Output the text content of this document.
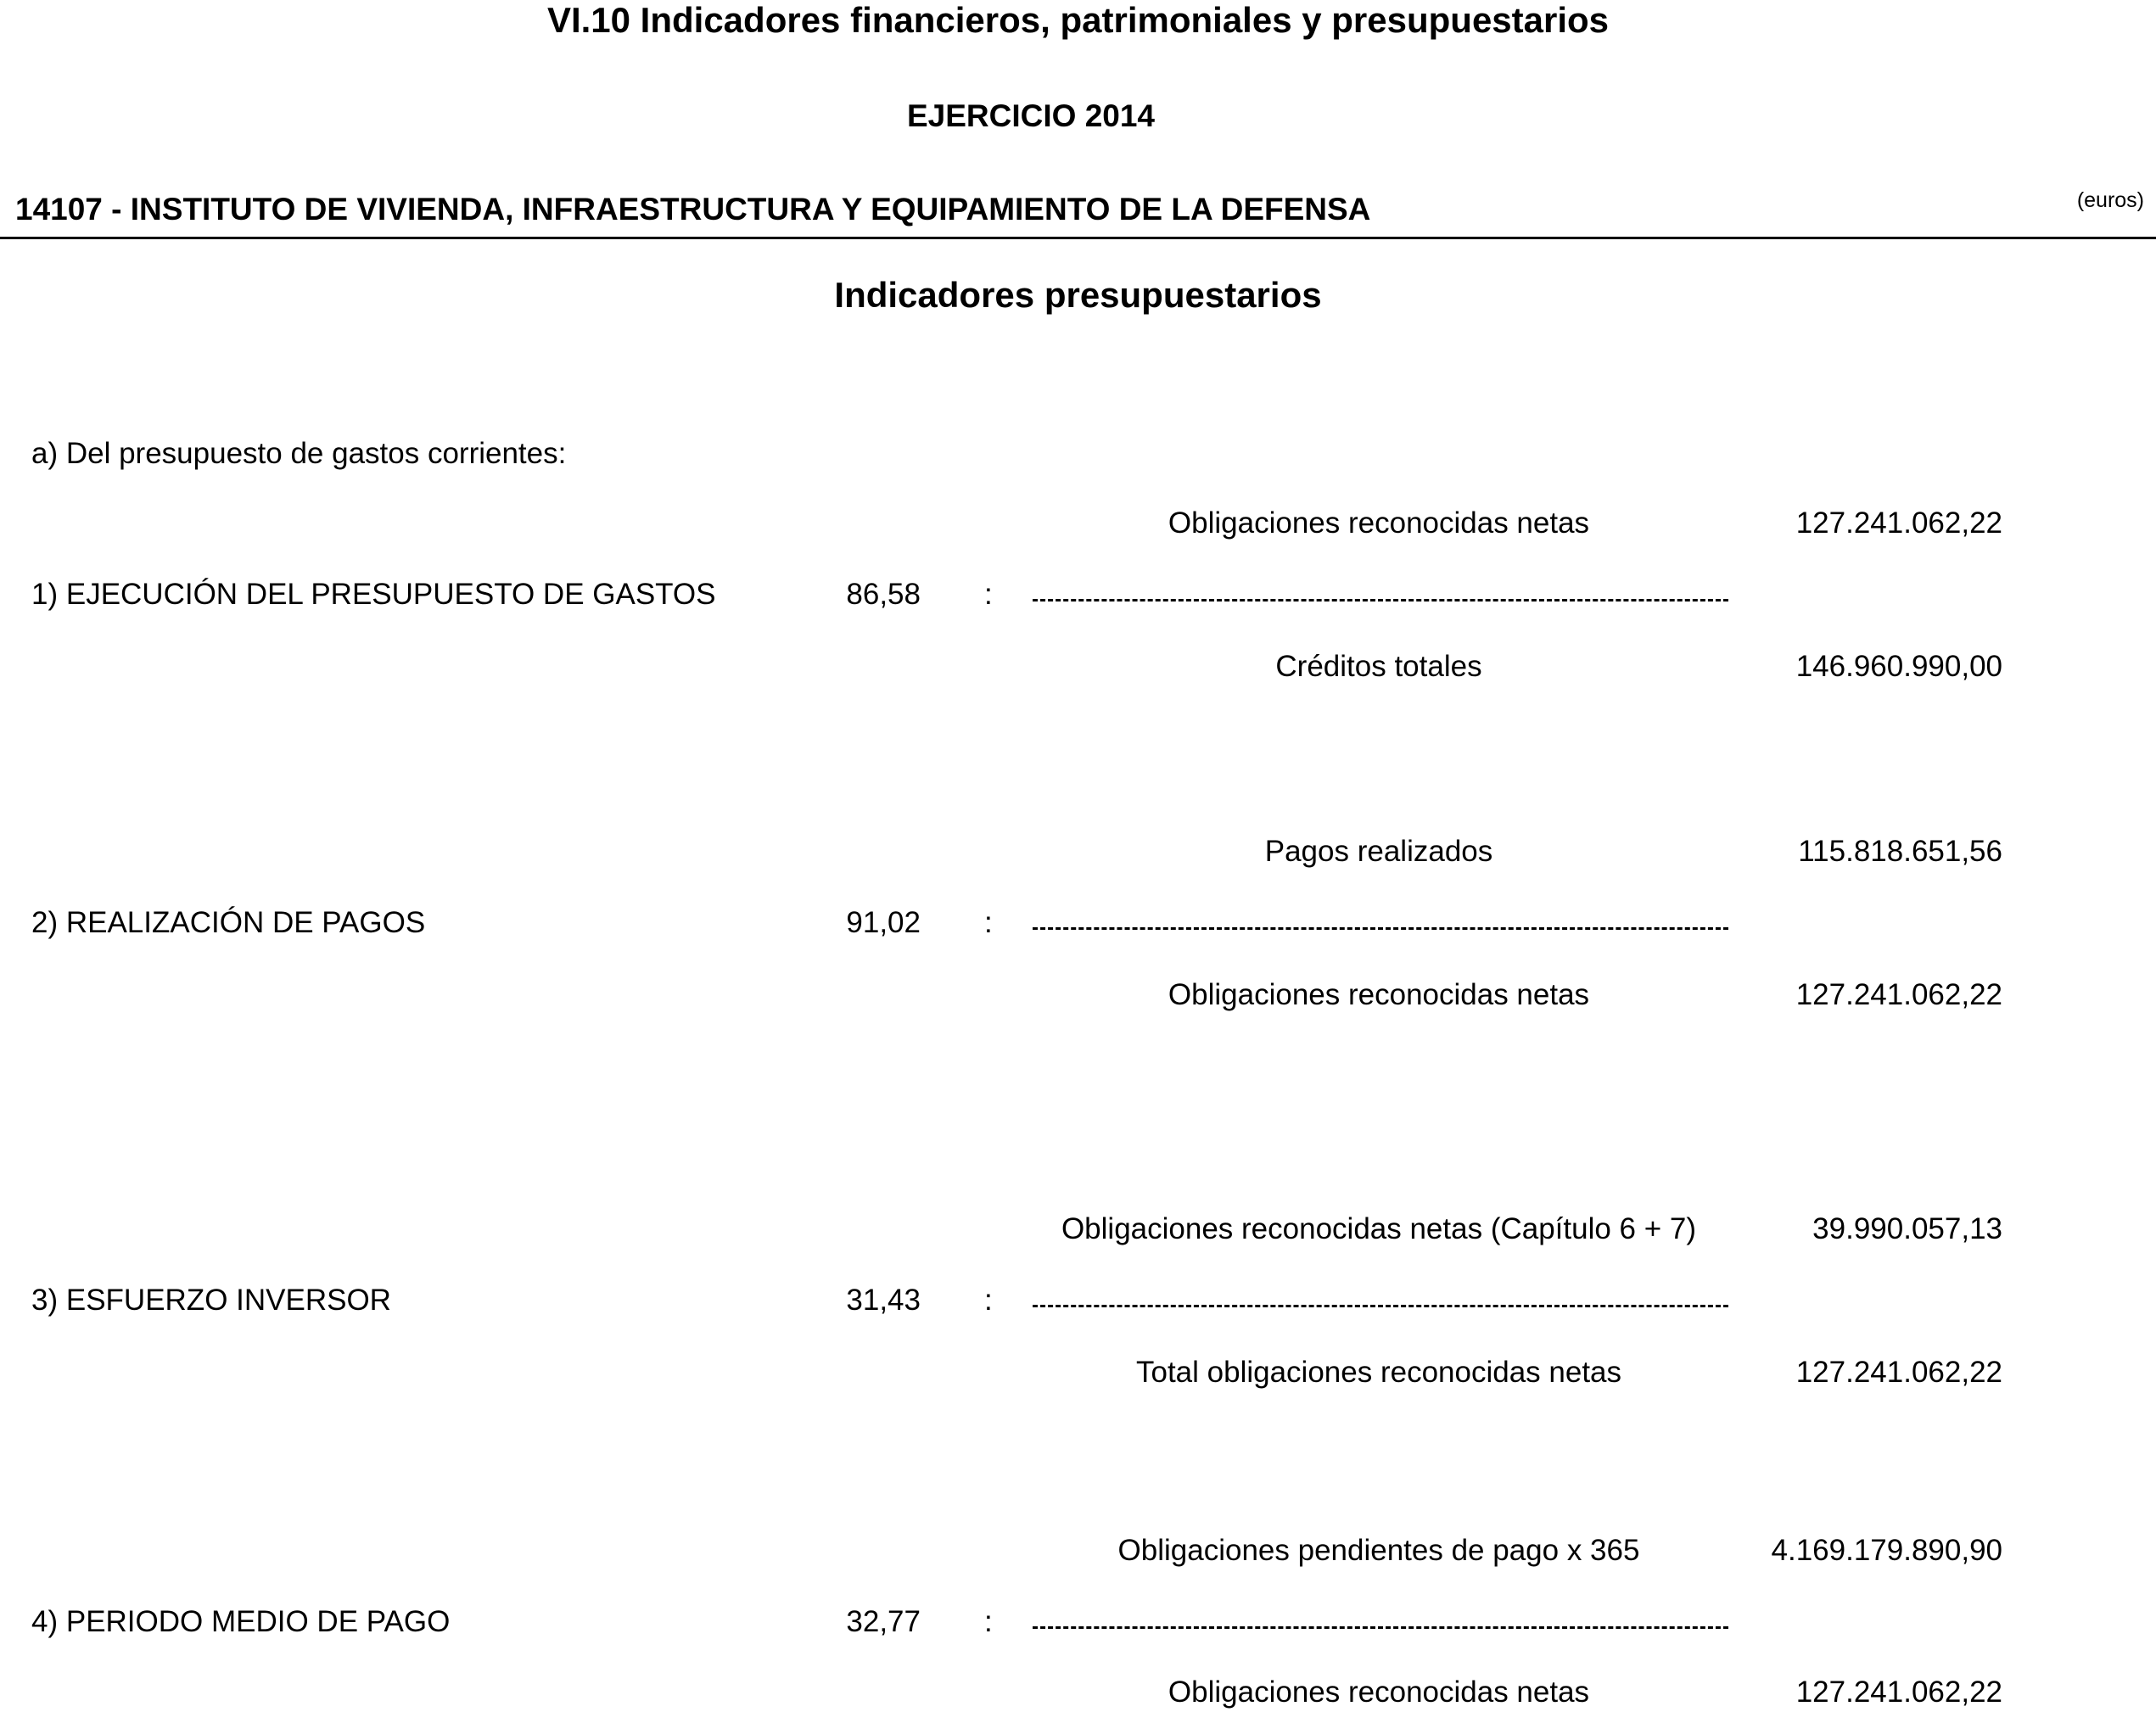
VI.10 Indicadores financieros, patrimoniales y presupuestarios
EJERCICIO 2014
14107 - INSTITUTO DE VIVIENDA, INFRAESTRUCTURA Y EQUIPAMIENTO DE LA DEFENSA	(euros)
Indicadores presupuestarios
a) Del presupuesto de gastos corrientes:
Obligaciones reconocidas netas	127.241.062,22
1) EJECUCIÓN DEL PRESUPUESTO DE GASTOS	86,58 :
Créditos totales	146.960.990,00
Pagos realizados	115.818.651,56
2) REALIZACIÓN DE PAGOS	91,02 :
Obligaciones reconocidas netas	127.241.062,22
Obligaciones reconocidas netas (Capítulo 6 + 7)	39.990.057,13
3) ESFUERZO INVERSOR	31,43 :
Total obligaciones reconocidas netas	127.241.062,22
Obligaciones pendientes de pago x 365	4.169.179.890,90
4) PERIODO MEDIO DE PAGO	32,77 :
Obligaciones reconocidas netas	127.241.062,22
